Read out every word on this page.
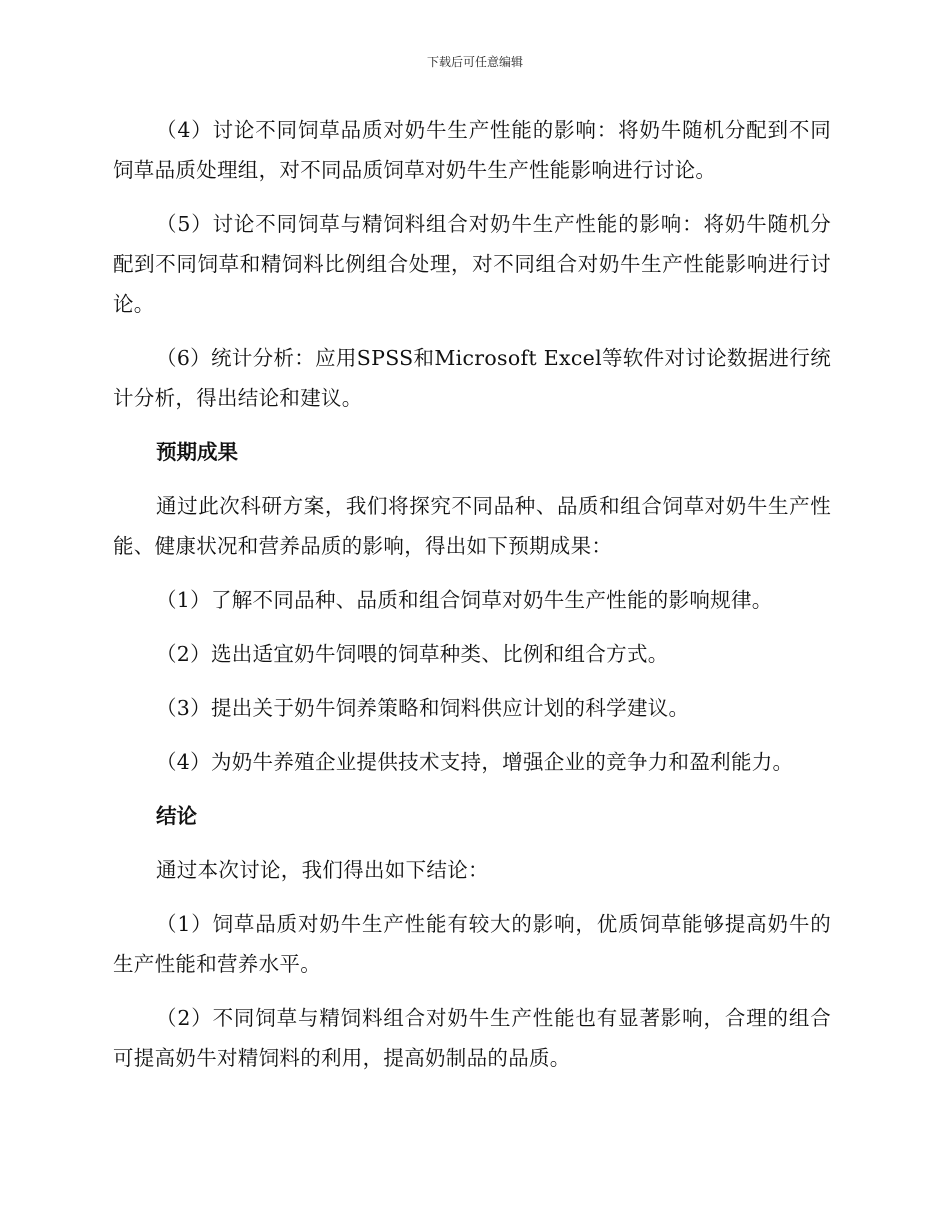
下载后可任意编辑

（4）讨论不同饲草品质对奶牛生产性能的影响：将奶牛随机分配到不同饲草品质处理组，对不同品质饲草对奶牛生产性能影响进行讨论。

（5）讨论不同饲草与精饲料组合对奶牛生产性能的影响：将奶牛随机分配到不同饲草和精饲料比例组合处理，对不同组合对奶牛生产性能影响进行讨论。

（6）统计分析：应用SPSS和Microsoft Excel等软件对讨论数据进行统计分析，得出结论和建议。

预期成果

通过此次科研方案，我们将探究不同品种、品质和组合饲草对奶牛生产性能、健康状况和营养品质的影响，得出如下预期成果：

（1）了解不同品种、品质和组合饲草对奶牛生产性能的影响规律。

（2）选出适宜奶牛饲喂的饲草种类、比例和组合方式。

（3）提出关于奶牛饲养策略和饲料供应计划的科学建议。

（4）为奶牛养殖企业提供技术支持，增强企业的竞争力和盈利能力。

结论

通过本次讨论，我们得出如下结论：

（1）饲草品质对奶牛生产性能有较大的影响，优质饲草能够提高奶牛的生产性能和营养水平。

（2）不同饲草与精饲料组合对奶牛生产性能也有显著影响，合理的组合可提高奶牛对精饲料的利用，提高奶制品的品质。
